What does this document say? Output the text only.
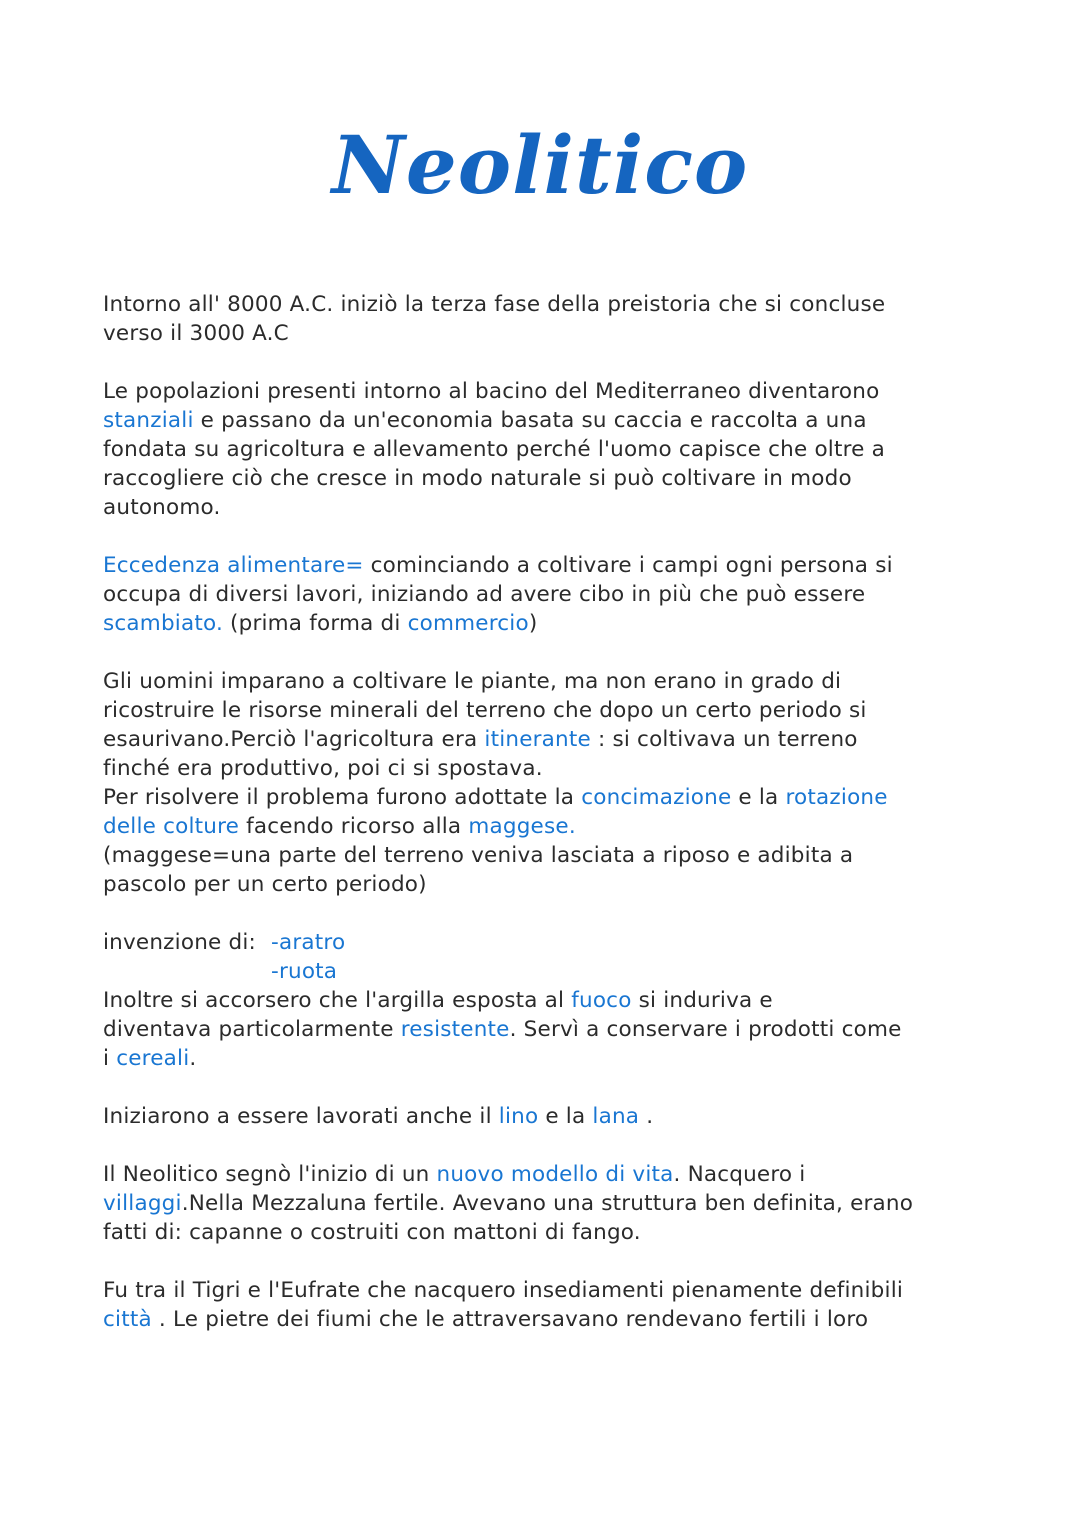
Neolitico

Intorno all' 8000 A.C. iniziò la terza fase della preistoria che si concluse
verso il 3000 A.C

Le popolazioni presenti intorno al bacino del Mediterraneo diventarono
stanziali e passano da un'economia basata su caccia e raccolta a una
fondata su agricoltura e allevamento perché l'uomo capisce che oltre a
raccogliere ciò che cresce in modo naturale si può coltivare in modo
autonomo.

Eccedenza alimentare= cominciando a coltivare i campi ogni persona si
occupa di diversi lavori, iniziando ad avere cibo in più che può essere
scambiato. (prima forma di commercio)

Gli uomini imparano a coltivare le piante, ma non erano in grado di
ricostruire le risorse minerali del terreno che dopo un certo periodo si
esaurivano.Perciò l'agricoltura era itinerante : si coltivava un terreno
finché era produttivo, poi ci si spostava.
Per risolvere il problema furono adottate la concimazione e la rotazione
delle colture facendo ricorso alla maggese.
(maggese=una parte del terreno veniva lasciata a riposo e adibita a
pascolo per un certo periodo)

invenzione di: -aratro
-ruota
Inoltre si accorsero che l'argilla esposta al fuoco si induriva e
diventava particolarmente resistente. Servì a conservare i prodotti come
i cereali.

Iniziarono a essere lavorati anche il lino e la lana .

Il Neolitico segnò l'inizio di un nuovo modello di vita. Nacquero i
villaggi.Nella Mezzaluna fertile. Avevano una struttura ben definita, erano
fatti di: capanne o costruiti con mattoni di fango.

Fu tra il Tigri e l'Eufrate che nacquero insediamenti pienamente definibili
città . Le pietre dei fiumi che le attraversavano rendevano fertili i loro
